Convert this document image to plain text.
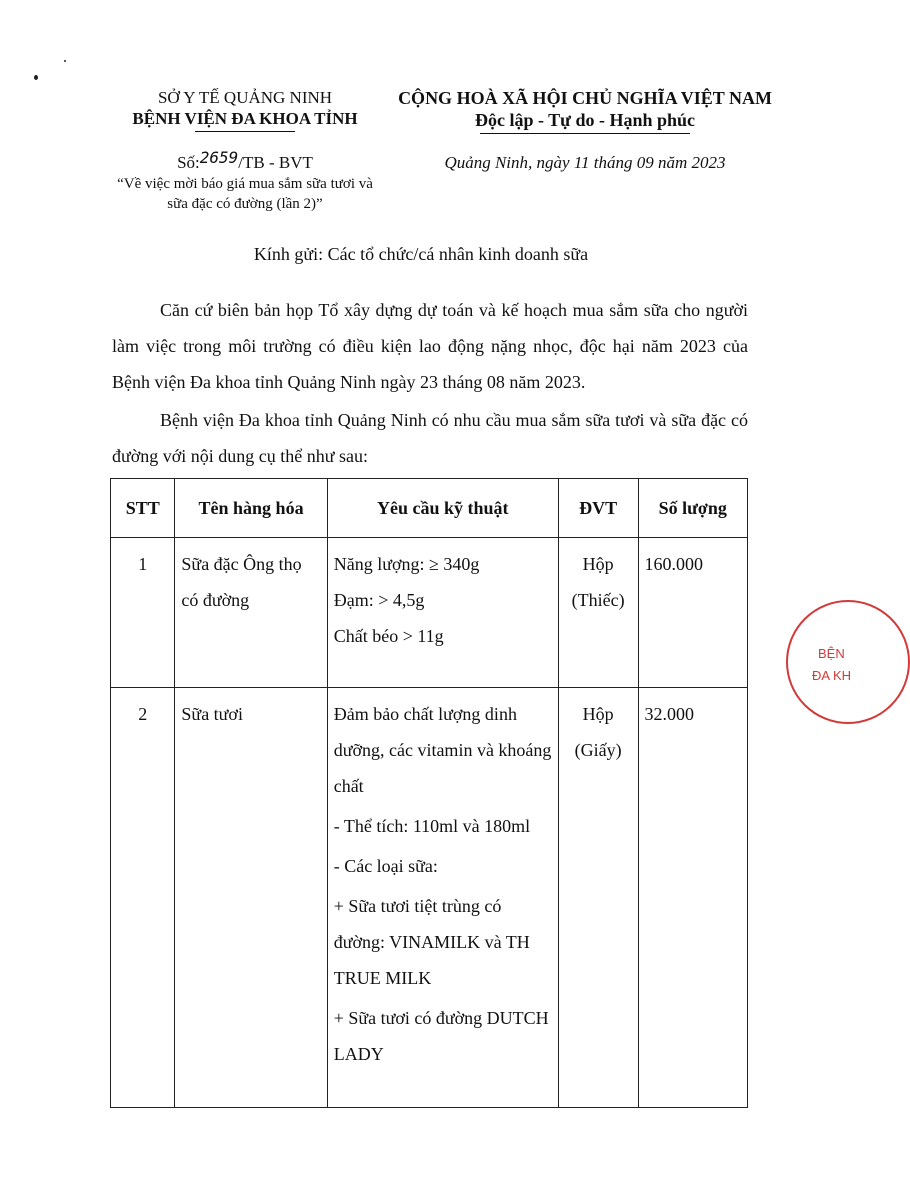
SỞ Y TẾ QUẢNG NINH
BỆNH VIỆN ĐA KHOA TỈNH
Số:2659/TB - BVT
“Về việc mời báo giá mua sắm sữa tươi và
sữa đặc có đường (lần 2)”
CỘNG HOÀ XÃ HỘI CHỦ NGHĨA VIỆT NAM
Độc lập - Tự do - Hạnh phúc
Quảng Ninh, ngày 11 tháng 09 năm 2023
Kính gửi: Các tổ chức/cá nhân kinh doanh sữa
Căn cứ biên bản họp Tổ xây dựng dự toán và kế hoạch mua sắm sữa cho người làm việc trong môi trường có điều kiện lao động nặng nhọc, độc hại năm 2023 của Bệnh viện Đa khoa tỉnh Quảng Ninh ngày 23 tháng 08 năm 2023.
Bệnh viện Đa khoa tỉnh Quảng Ninh có nhu cầu mua sắm sữa tươi và sữa đặc có đường với nội dung cụ thể như sau:
STT	Tên hàng hóa	Yêu cầu kỹ thuật	ĐVT	Số lượng
1	Sữa đặc Ông thọ có đường	Năng lượng: ≥ 340g
Đạm: > 4,5g
Chất béo > 11g	Hộp
(Thiếc)	160.000
2	Sữa tươi	Đảm bảo chất lượng dinh dưỡng, các vitamin và khoáng chất
- Thể tích: 110ml và 180ml
- Các loại sữa:
+ Sữa tươi tiệt trùng có đường: VINAMILK và TH TRUE MILK
+ Sữa tươi có đường DUTCH LADY	Hộp
(Giấy)	32.000
BỆN
ĐA KH
